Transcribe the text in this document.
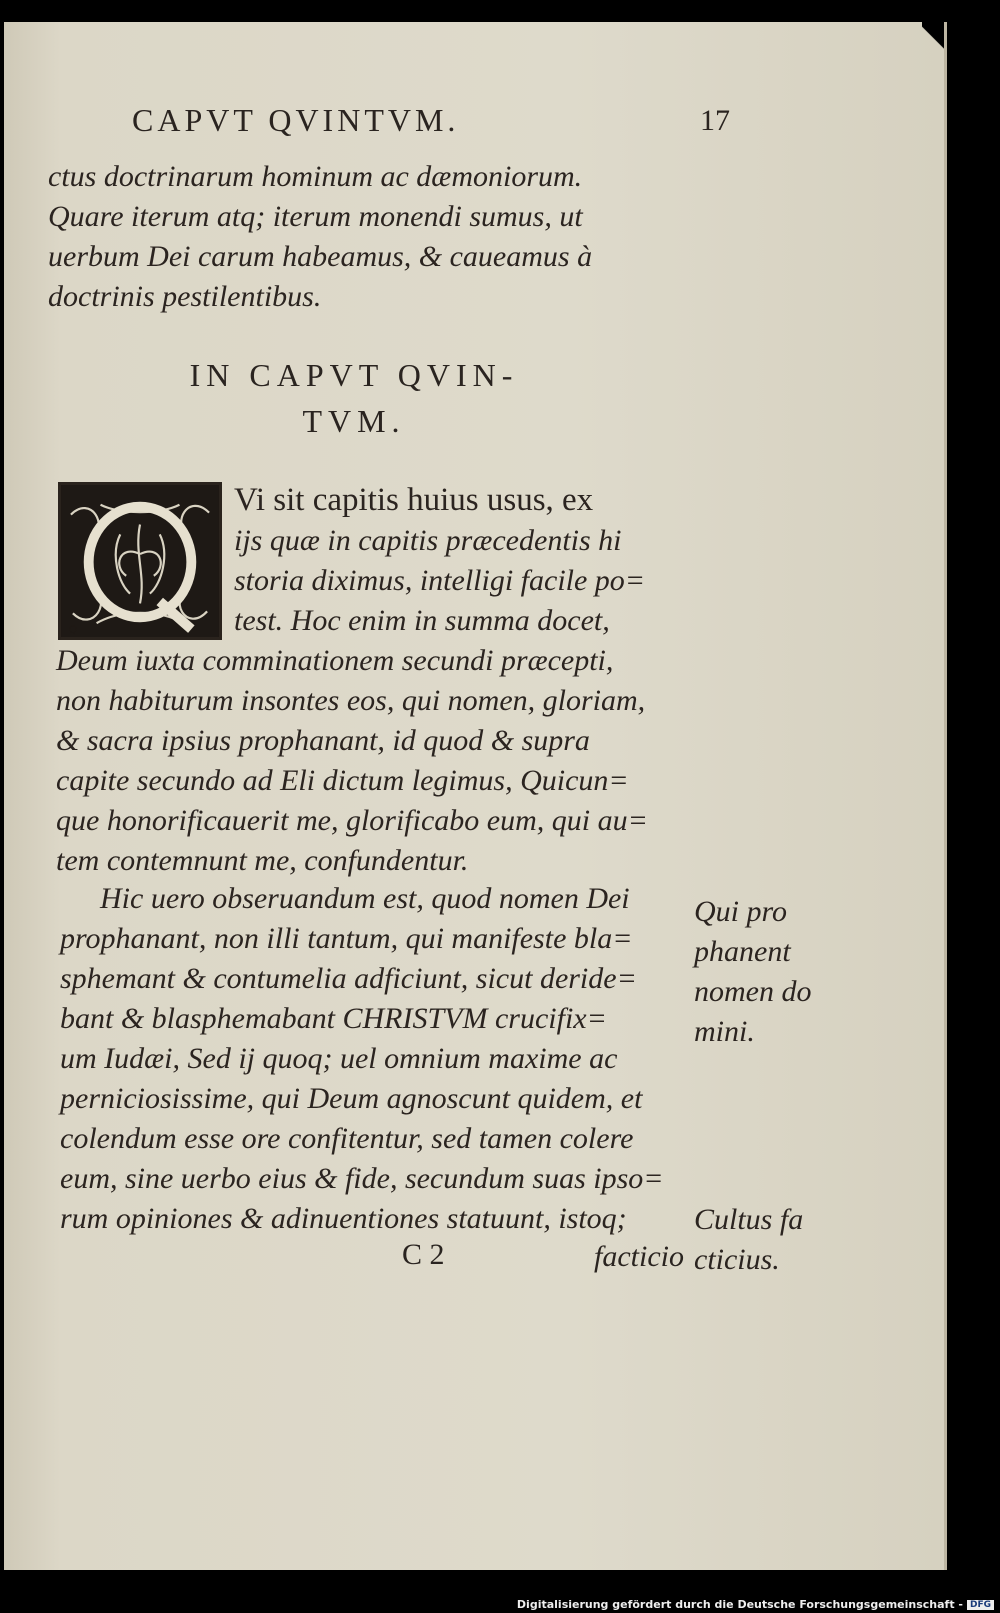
CAPVT QVINTVM.	17
ctus doctrinarum hominum ac dæmoniorum.
Quare iterum atq; iterum monendi sumus, ut
uerbum Dei carum habeamus, & caueamus à
doctrinis pestilentibus.
IN CAPVT QVIN-
TVM.
Q
Vi sit capitis huius usus, ex
ijs quæ in capitis præcedentis hi
storia diximus, intelligi facile po=
test. Hoc enim in summa docet,
Deum iuxta comminationem secundi præcepti,
non habiturum insontes eos, qui nomen, gloriam,
& sacra ipsius prophanant, id quod & supra
capite secundo ad Eli dictum legimus, Quicun=
que honorificauerit me, glorificabo eum, qui au=
tem contemnunt me, confundentur.
Hic uero obseruandum est, quod nomen Dei
prophanant, non illi tantum, qui manifeste bla=
sphemant & contumelia adficiunt, sicut deride=
bant & blasphemabant CHRISTVM crucifix=
um Iudæi, Sed ij quoq; uel omnium maxime ac
perniciosissime, qui Deum agnoscunt quidem, et
colendum esse ore confitentur, sed tamen colere
eum, sine uerbo eius & fide, secundum suas ipso=
rum opiniones & adinuentiones statuunt, istoq;
Qui pro
phanent
nomen do
mini.
Cultus fa
cticius.
C 2	facticio
Digitalisierung gefördert durch die Deutsche Forschungsgemeinschaft - DFG
